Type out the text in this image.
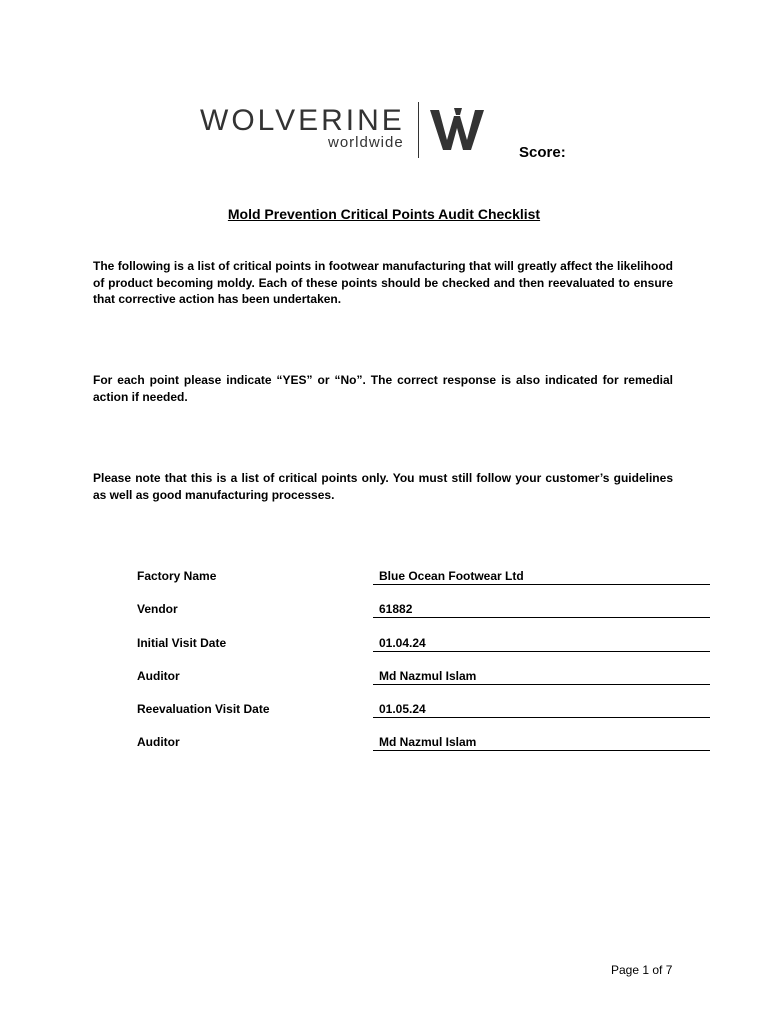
WOLVERINE
worldwide
Score:
Mold Prevention Critical Points Audit Checklist
The following is a list of critical points in footwear manufacturing that will greatly affect the likelihood of product becoming moldy. Each of these points should be checked and then reevaluated to ensure that corrective action has been undertaken.
For each point please indicate “YES” or “No”. The correct response is also indicated for remedial action if needed.
Please note that this is a list of critical points only. You must still follow your customer’s guidelines as well as good manufacturing processes.
Factory Name	Blue Ocean Footwear Ltd
Vendor	61882
Initial Visit Date	01.04.24
Auditor	Md Nazmul Islam
Reevaluation Visit Date	01.05.24
Auditor	Md Nazmul Islam
Page 1 of 7
